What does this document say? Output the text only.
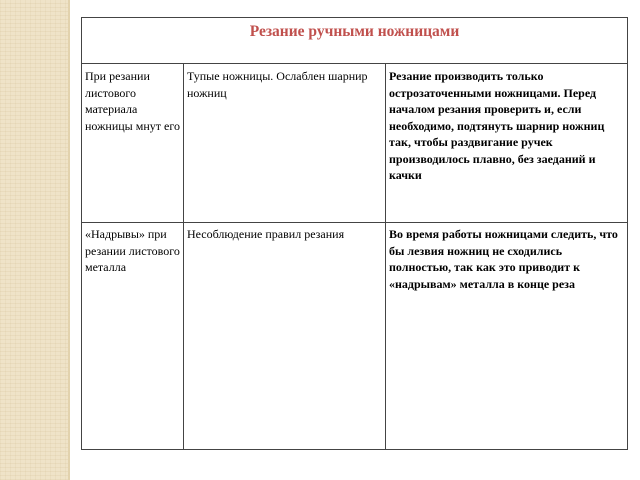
Резание ручными ножницами
При резании листового материала ножницы мнут его
Тупые ножницы. Ослаблен шарнир ножниц
Резание производить только острозаточенными ножницами. Перед началом резания проверить и, если необходимо, подтянуть шарнир ножниц так, чтобы раздвигание ручек производилось плавно, без заеданий и качки
«Надрывы» при резании листового металла
Несоблюдение правил резания	Во время работы ножницами следить, что бы лезвия ножниц не сходились полностью, так как это приводит к «надрывам» металла в конце реза
